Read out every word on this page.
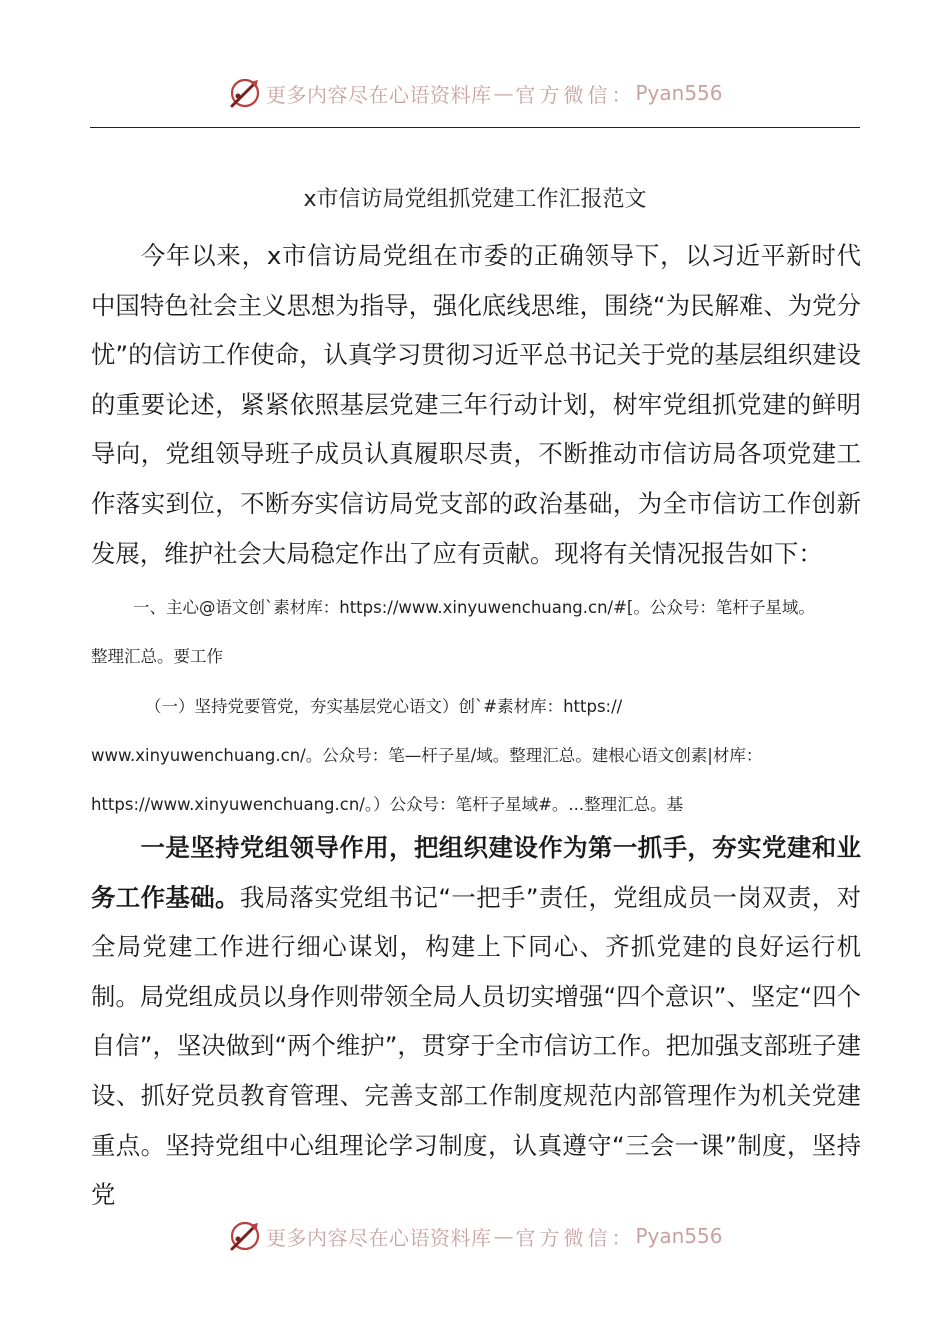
更多内容尽在心语资料库 — 官方微信： Pyan556
x市信访局党组抓党建工作汇报范文

今年以来，x市信访局党组在市委的正确领导下，以习近平新时代中国特色社会主义思想为指导，强化底线思维，围绕“为民解难、为党分忧”的信访工作使命，认真学习贯彻习近平总书记关于党的基层组织建设的重要论述，紧紧依照基层党建三年行动计划，树牢党组抓党建的鲜明导向，党组领导班子成员认真履职尽责，不断推动市信访局各项党建工作落实到位，不断夯实信访局党支部的政治基础，为全市信访工作创新发展，维护社会大局稳定作出了应有贡献。现将有关情况报告如下：

一、主心@语文创`素材库：https://www.xinyuwenchuang.cn/#[。公众号：笔杆子星域。
整理汇总。要工作
（一）坚持党要管党，夯实基层党心语文）创`#素材库：https://
www.xinyuwenchuang.cn/。公众号：笔—杆子星/域。整理汇总。建根心语文创素|材库：
https://www.xinyuwenchuang.cn/。）公众号：笔杆子星域#。...整理汇总。基

一是坚持党组领导作用，把组织建设作为第一抓手，夯实党建和业务工作基础。我局落实党组书记“一把手”责任，党组成员一岗双责，对全局党建工作进行细心谋划，构建上下同心、齐抓党建的良好运行机制。局党组成员以身作则带领全局人员切实增强“四个意识”、坚定“四个自信”，坚决做到“两个维护”，贯穿于全市信访工作。把加强支部班子建设、抓好党员教育管理、完善支部工作制度规范内部管理作为机关党建重点。坚持党组中心组理论学习制度，认真遵守“三会一课”制度，坚持党

更多内容尽在心语资料库 — 官方微信： Pyan556
